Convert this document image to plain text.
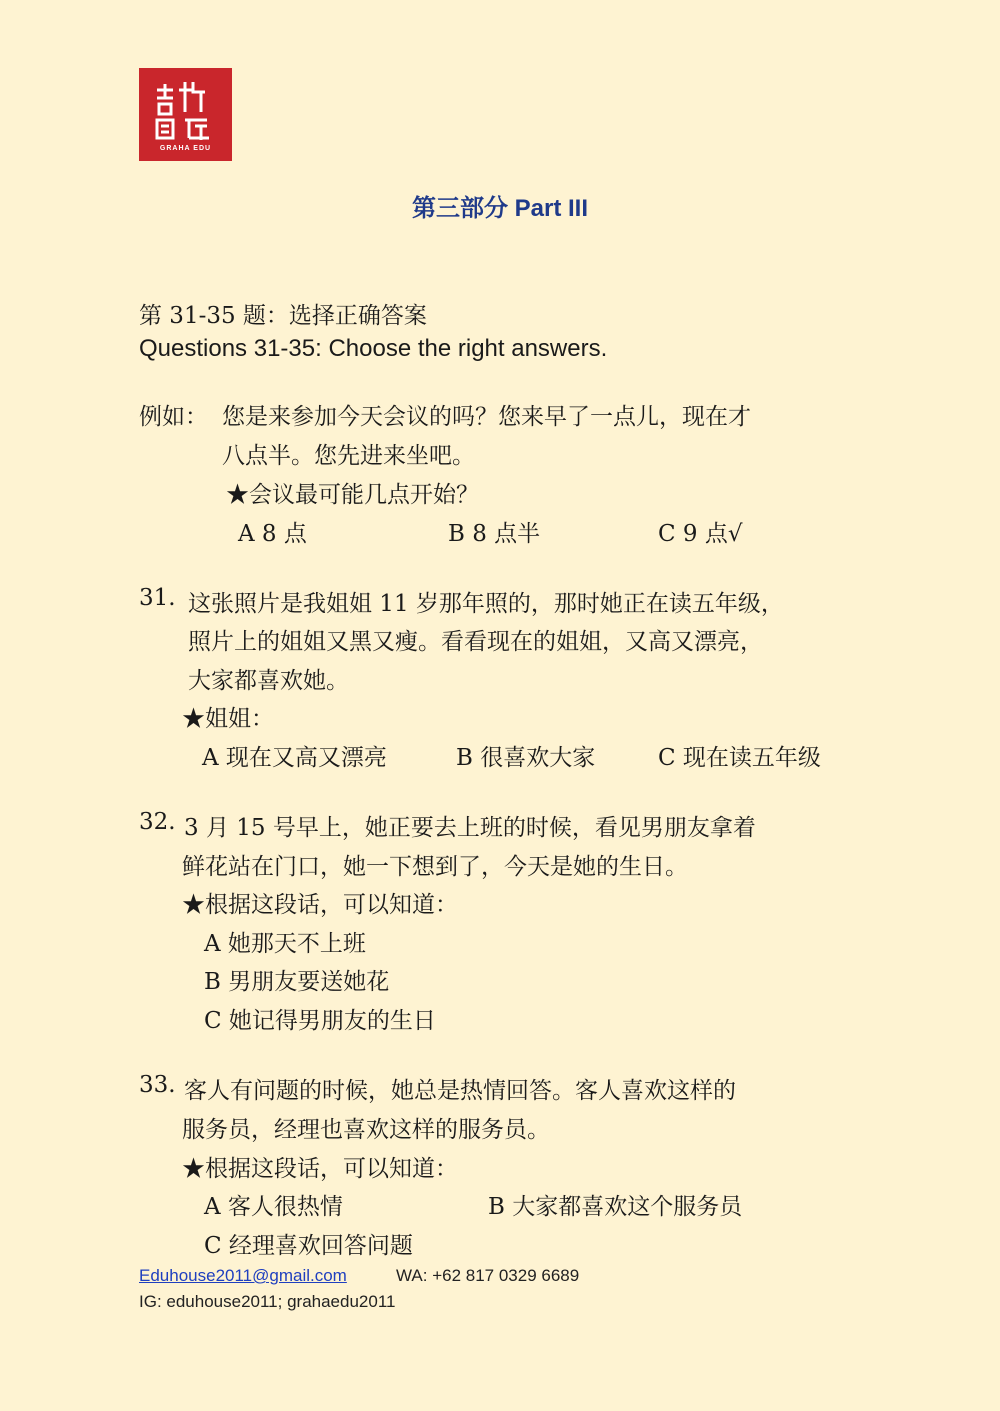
GRAHA EDU
第三部分 Part III
第 31-35 题：选择正确答案
Questions 31-35: Choose the right answers.
例如： 您是来参加今天会议的吗？您来早了一点儿，现在才
八点半。您先进来坐吧。
★会议最可能几点开始？
A 8 点	B 8 点半	C 9 点√
31. 这张照片是我姐姐 11 岁那年照的，那时她正在读五年级，
照片上的姐姐又黑又瘦。看看现在的姐姐，又高又漂亮，
大家都喜欢她。
★姐姐：
A 现在又高又漂亮	B 很喜欢大家	C 现在读五年级
32. 3 月 15 号早上，她正要去上班的时候，看见男朋友拿着
鲜花站在门口，她一下想到了，今天是她的生日。
★根据这段话，可以知道：
A 她那天不上班
B 男朋友要送她花
C 她记得男朋友的生日
33. 客人有问题的时候，她总是热情回答。客人喜欢这样的
服务员，经理也喜欢这样的服务员。
★根据这段话，可以知道：
A 客人很热情	B 大家都喜欢这个服务员
C 经理喜欢回答问题
Eduhouse2011@gmail.com	WA: +62 817 0329 6689
IG: eduhouse2011; grahaedu2011
